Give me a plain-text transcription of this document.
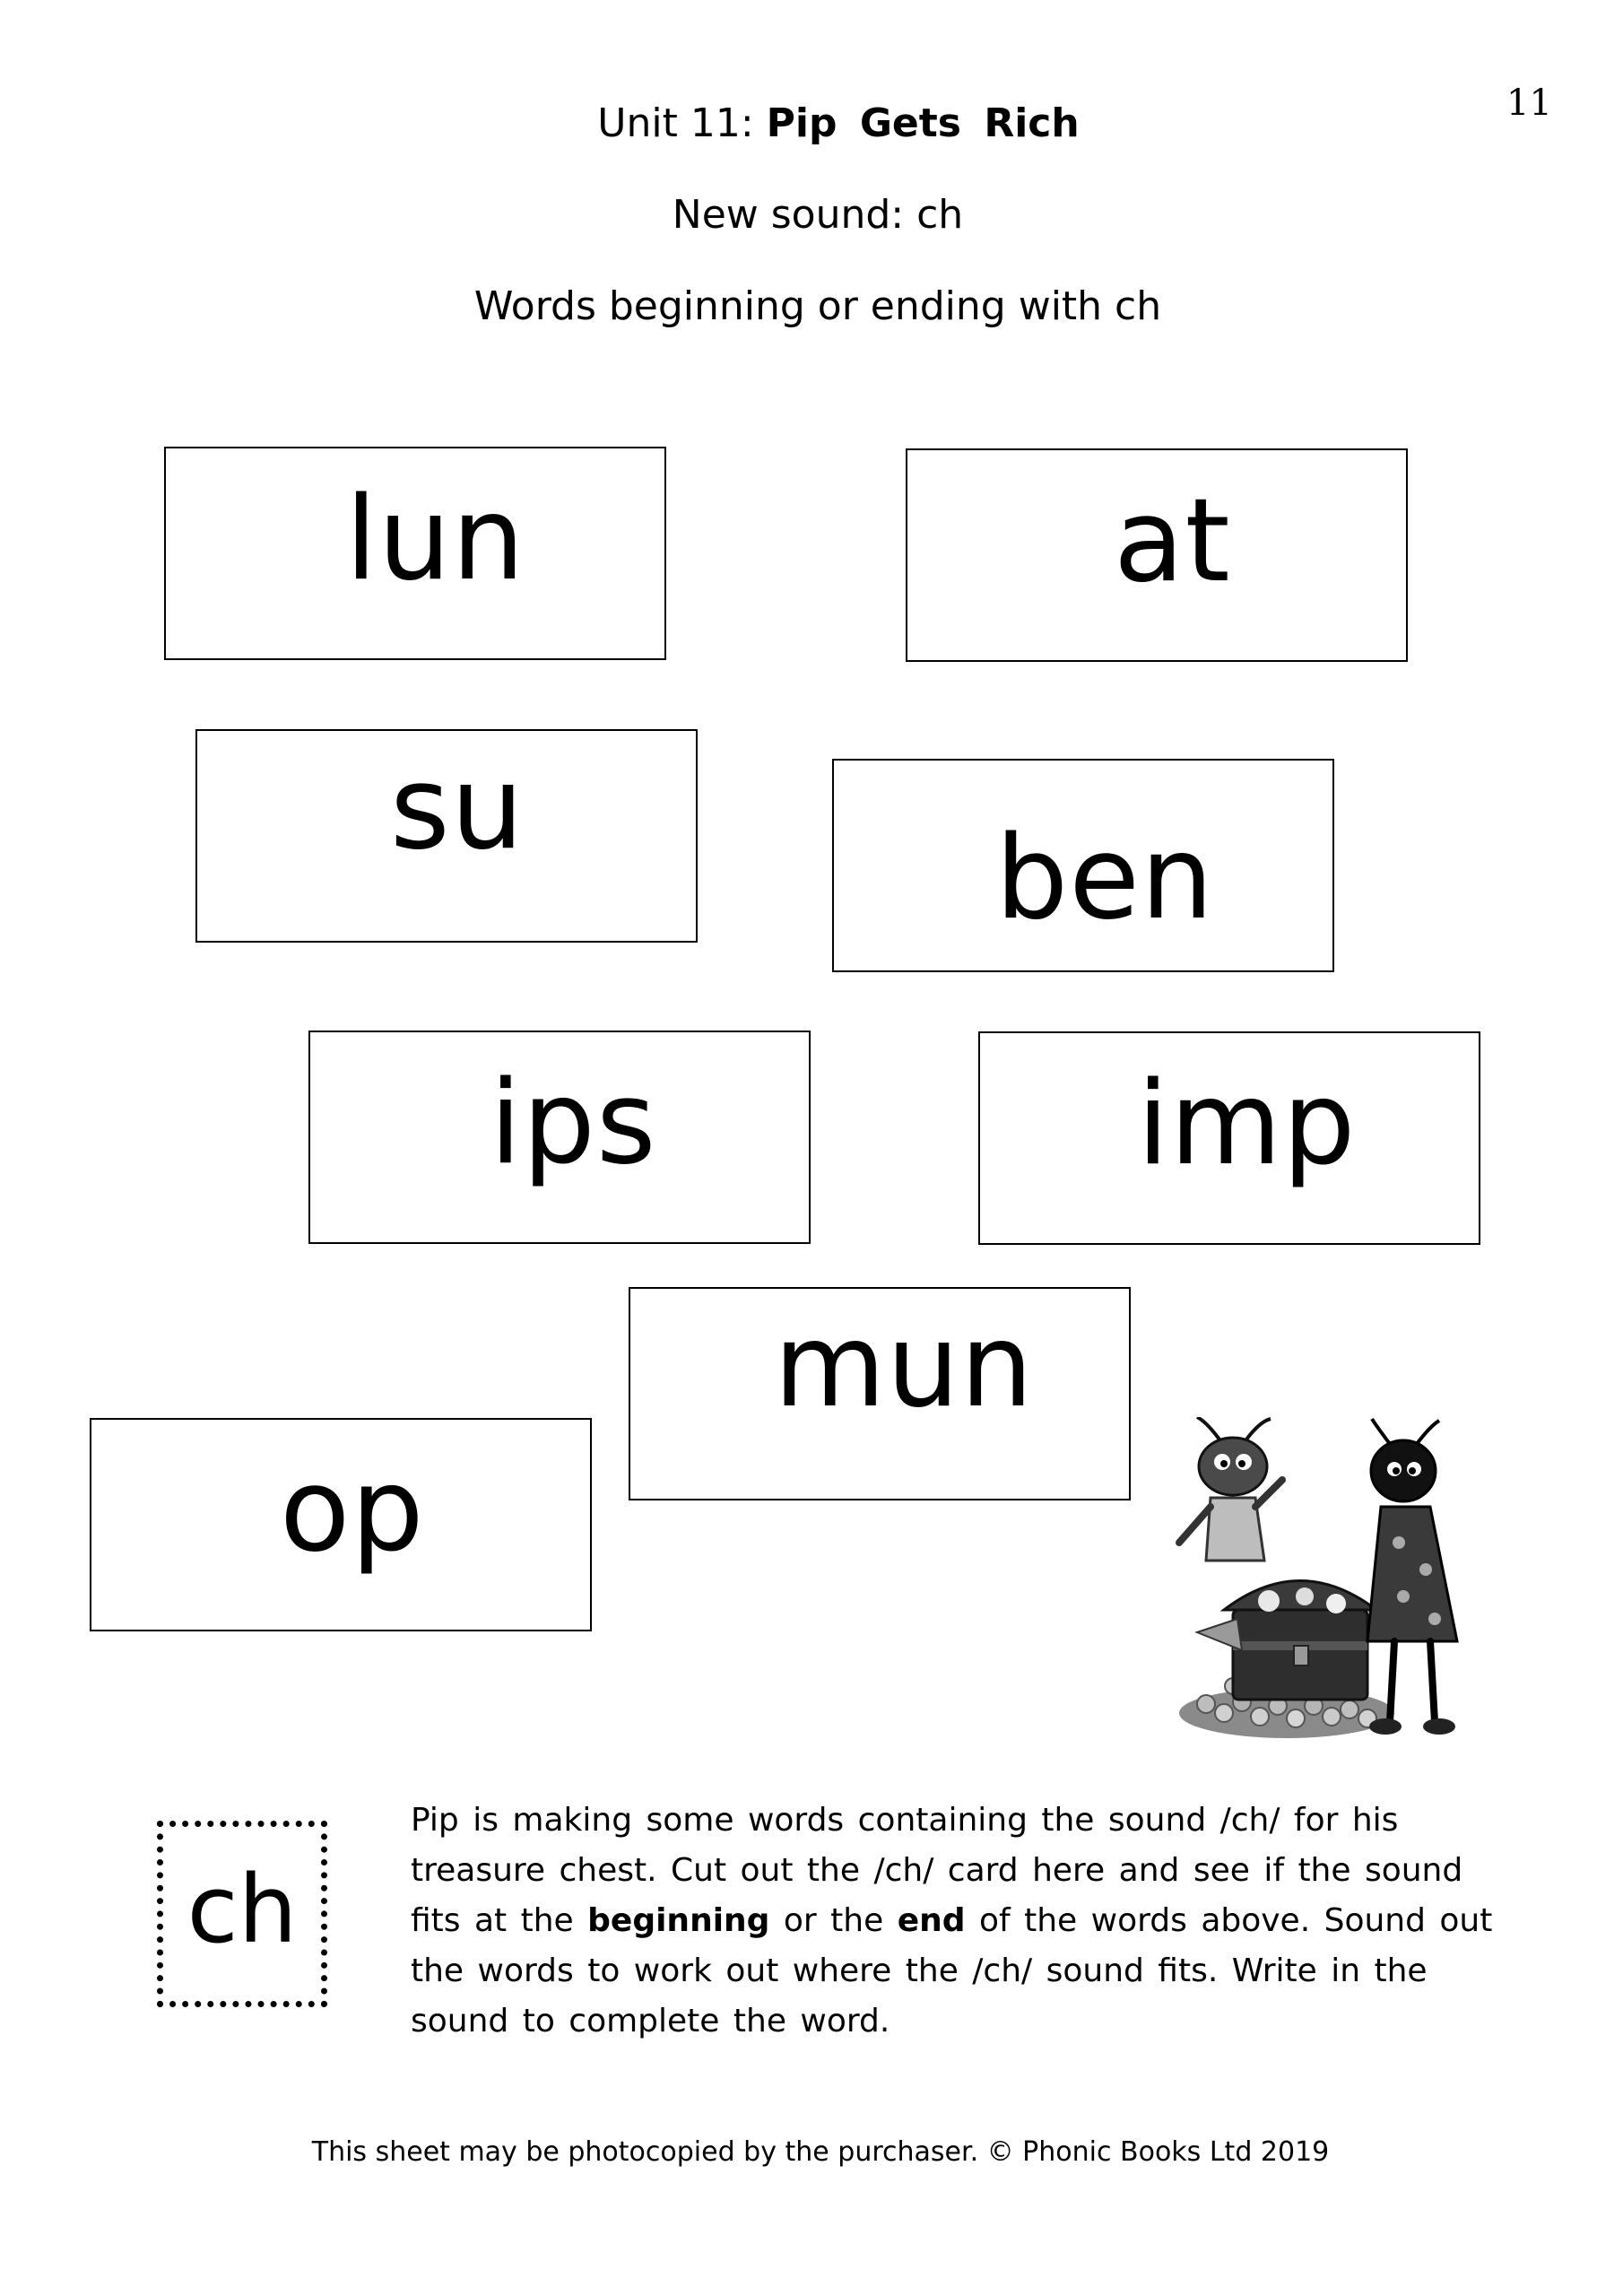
11
Unit 11: Pip Gets Rich
New sound: ch
Words beginning or ending with ch
lun	at
su
ben
ips	imp
mun
op
ch
Pip is making some words containing the sound /ch/ for his treasure chest. Cut out the /ch/ card here and see if the sound fits at the beginning or the end of the words above. Sound out the words to work out where the /ch/ sound fits. Write in the sound to complete the word.
This sheet may be photocopied by the purchaser. © Phonic Books Ltd 2019
